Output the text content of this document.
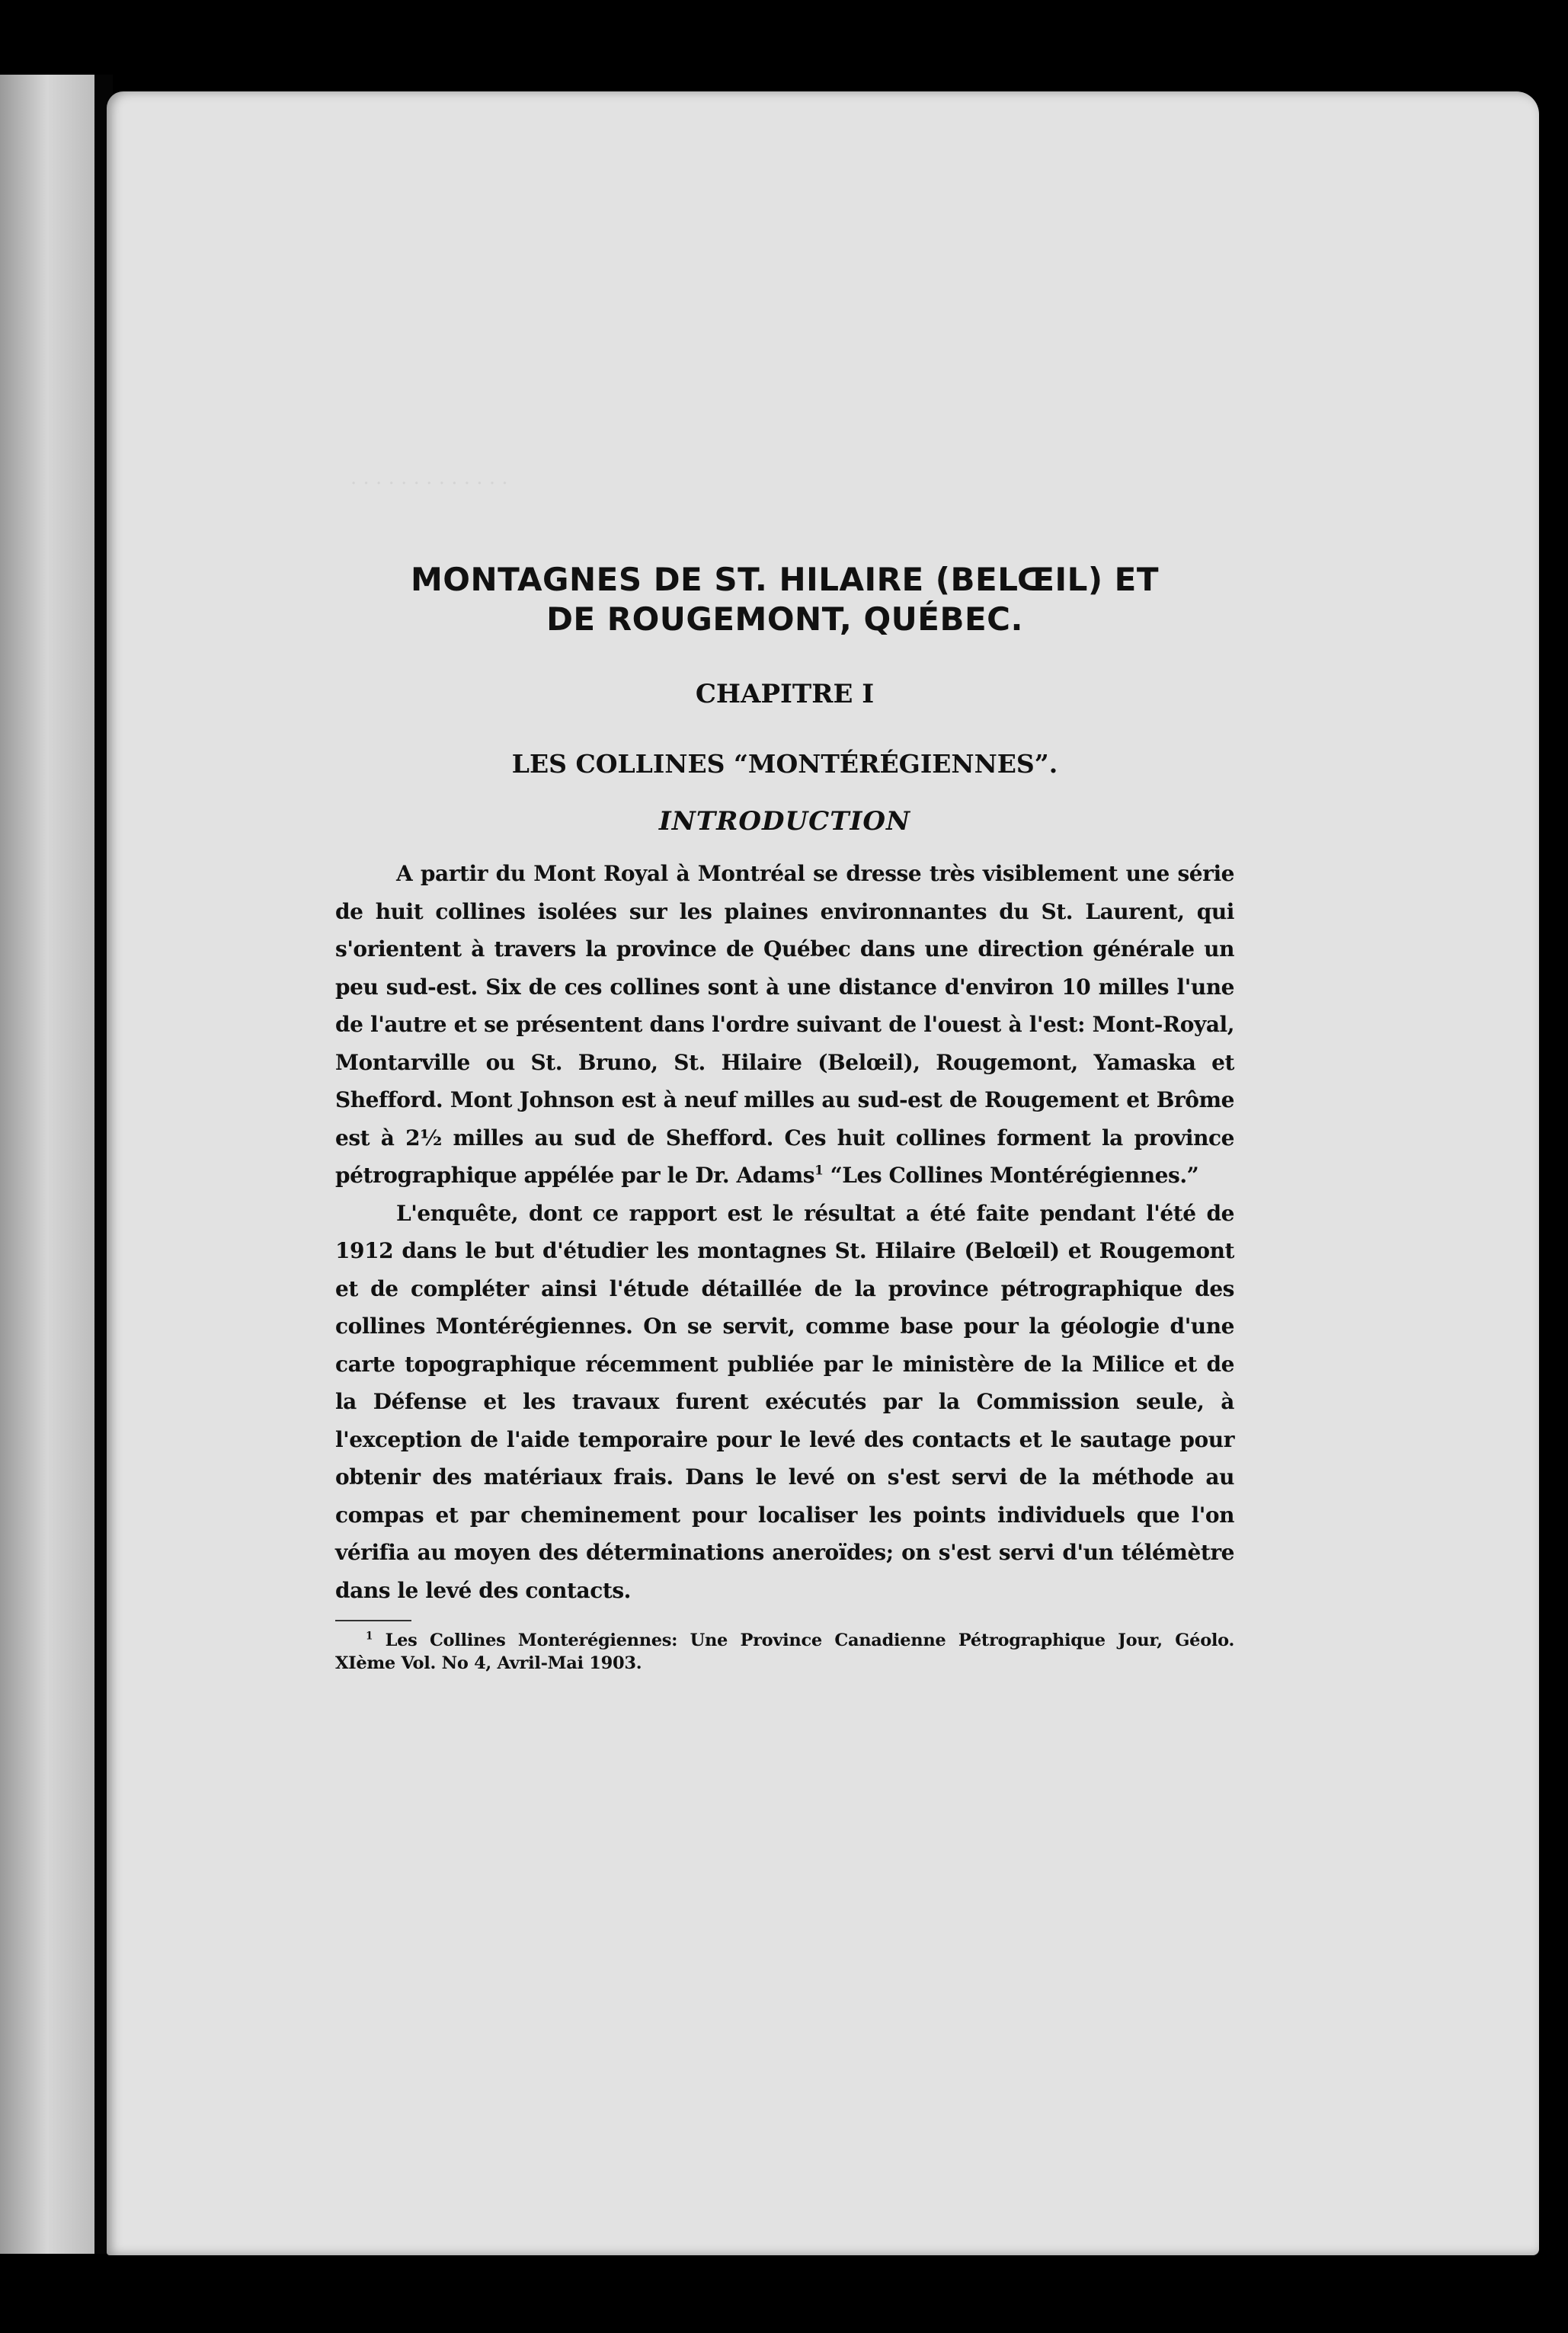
· · · · · · · · · · · · ·
MONTAGNES DE ST. HILAIRE (BELŒIL) ET
DE ROUGEMONT, QUÉBEC.
CHAPITRE I
LES COLLINES “MONTÉRÉGIENNES”.
INTRODUCTION

A partir du Mont Royal à Montréal se dresse très visiblement une série de huit collines isolées sur les plaines environnantes du St. Laurent, qui s'orientent à travers la province de Québec dans une direction générale un peu sud-est. Six de ces collines sont à une distance d'environ 10 milles l'une de l'autre et se présentent dans l'ordre suivant de l'ouest à l'est: Mont-Royal, Montarville ou St. Bruno, St. Hilaire (Belœil), Rougemont, Yamaska et Shefford. Mont Johnson est à neuf milles au sud-est de Rougement et Brôme est à 2½ milles au sud de Shefford. Ces huit collines forment la province pétrographique appélée par le Dr. Adams$^1$ “Les Collines Montérégiennes.”

L'enquête, dont ce rapport est le résultat a été faite pendant l'été de 1912 dans le but d'étudier les montagnes St. Hilaire (Belœil) et Rougemont et de compléter ainsi l'étude détaillée de la province pétrographique des collines Montérégiennes. On se servit, comme base pour la géologie d'une carte topographique récemment publiée par le ministère de la Milice et de la Défense et les travaux furent exécutés par la Commission seule, à l'exception de l'aide temporaire pour le levé des contacts et le sautage pour obtenir des matériaux frais. Dans le levé on s'est servi de la méthode au compas et par cheminement pour localiser les points individuels que l'on vérifia au moyen des déterminations aneroïdes; on s'est servi d'un télémètre dans le levé des contacts.

$^1$ Les Collines Monterégiennes: Une Province Canadienne Pétrographique Jour, Géolo. XIème Vol. No 4, Avril-Mai 1903.
